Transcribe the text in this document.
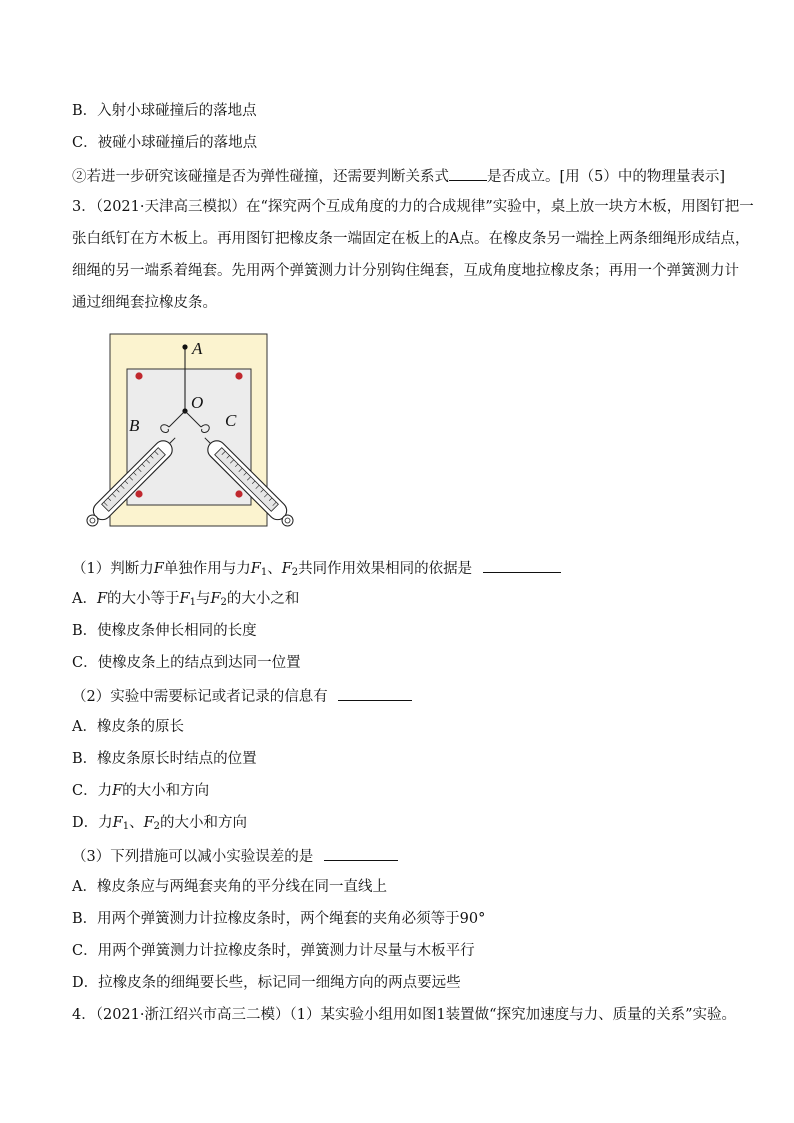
B．入射小球碰撞后的落地点
C．被碰小球碰撞后的落地点
②若进一步研究该碰撞是否为弹性碰撞，还需要判断关系式	是否成立。[用（5）中的物理量表示]
3．（2021·天津高三模拟）在“探究两个互成角度的力的合成规律”实验中，桌上放一块方木板，用图钉把一
张白纸钉在方木板上。再用图钉把橡皮条一端固定在板上的A点。在橡皮条另一端拴上两条细绳形成结点，
细绳的另一端系着绳套。先用两个弹簧测力计分别钩住绳套，互成角度地拉橡皮条；再用一个弹簧测力计
通过细绳套拉橡皮条。
A
O
B	C
（1）判断力F单独作用与力$F_1$、$F_2$共同作用效果相同的依据是
A．F的大小等于$F_1$与$F_2$的大小之和
B．使橡皮条伸长相同的长度
C．使橡皮条上的结点到达同一位置
（2）实验中需要标记或者记录的信息有
A．橡皮条的原长
B．橡皮条原长时结点的位置
C．力F的大小和方向
D．力$F_1$、$F_2$的大小和方向
（3）下列措施可以减小实验误差的是
A．橡皮条应与两绳套夹角的平分线在同一直线上
B．用两个弹簧测力计拉橡皮条时，两个绳套的夹角必须等于90°
C．用两个弹簧测力计拉橡皮条时，弹簧测力计尽量与木板平行
D．拉橡皮条的细绳要长些，标记同一细绳方向的两点要远些
4．（2021·浙江绍兴市高三二模）（1）某实验小组用如图1装置做“探究加速度与力、质量的关系”实验。
